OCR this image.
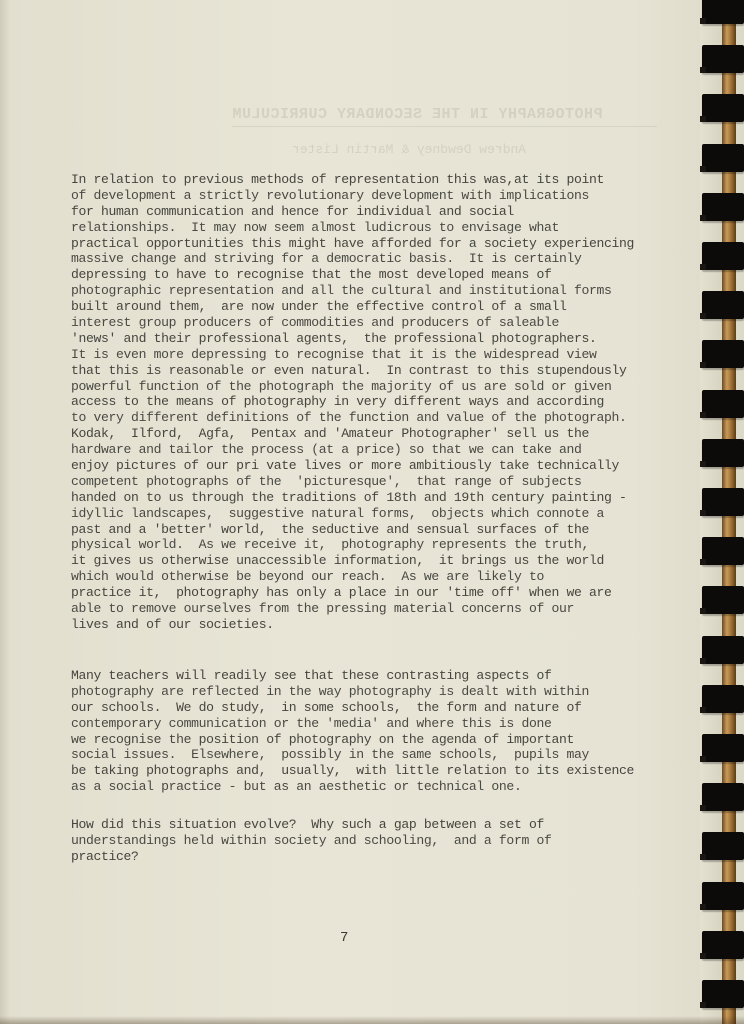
PHOTOGRAPHY IN THE SECONDARY CURRICULUM
Andrew Dewdney & Martin Lister
In relation to previous methods of representation this was,at its point
of development a strictly revolutionary development with implications
for human communication and hence for individual and social
relationships.  It may now seem almost ludicrous to envisage what
practical opportunities this might have afforded for a society experiencing
massive change and striving for a democratic basis.  It is certainly
depressing to have to recognise that the most developed means of
photographic representation and all the cultural and institutional forms
built around them,  are now under the effective control of a small
interest group producers of commodities and producers of saleable
'news' and their professional agents,  the professional photographers.
It is even more depressing to recognise that it is the widespread view
that this is reasonable or even natural.  In contrast to this stupendously
powerful function of the photograph the majority of us are sold or given
access to the means of photography in very different ways and according
to very different definitions of the function and value of the photograph.
Kodak,  Ilford,  Agfa,  Pentax and 'Amateur Photographer' sell us the
hardware and tailor the process (at a price) so that we can take and
enjoy pictures of our pri vate lives or more ambitiously take technically
competent photographs of the  'picturesque',  that range of subjects
handed on to us through the traditions of 18th and 19th century painting -
idyllic landscapes,  suggestive natural forms,  objects which connote a
past and a 'better' world,  the seductive and sensual surfaces of the
physical world.  As we receive it,  photography represents the truth,
it gives us otherwise unaccessible information,  it brings us the world
which would otherwise be beyond our reach.  As we are likely to
practice it,  photography has only a place in our 'time off' when we are
able to remove ourselves from the pressing material concerns of our
lives and of our societies.
Many teachers will readily see that these contrasting aspects of
photography are reflected in the way photography is dealt with within
our schools.  We do study,  in some schools,  the form and nature of
contemporary communication or the 'media' and where this is done
we recognise the position of photography on the agenda of important
social issues.  Elsewhere,  possibly in the same schools,  pupils may
be taking photographs and,  usually,  with little relation to its existence
as a social practice - but as an aesthetic or technical one.
How did this situation evolve?  Why such a gap between a set of
understandings held within society and schooling,  and a form of
practice?
7
